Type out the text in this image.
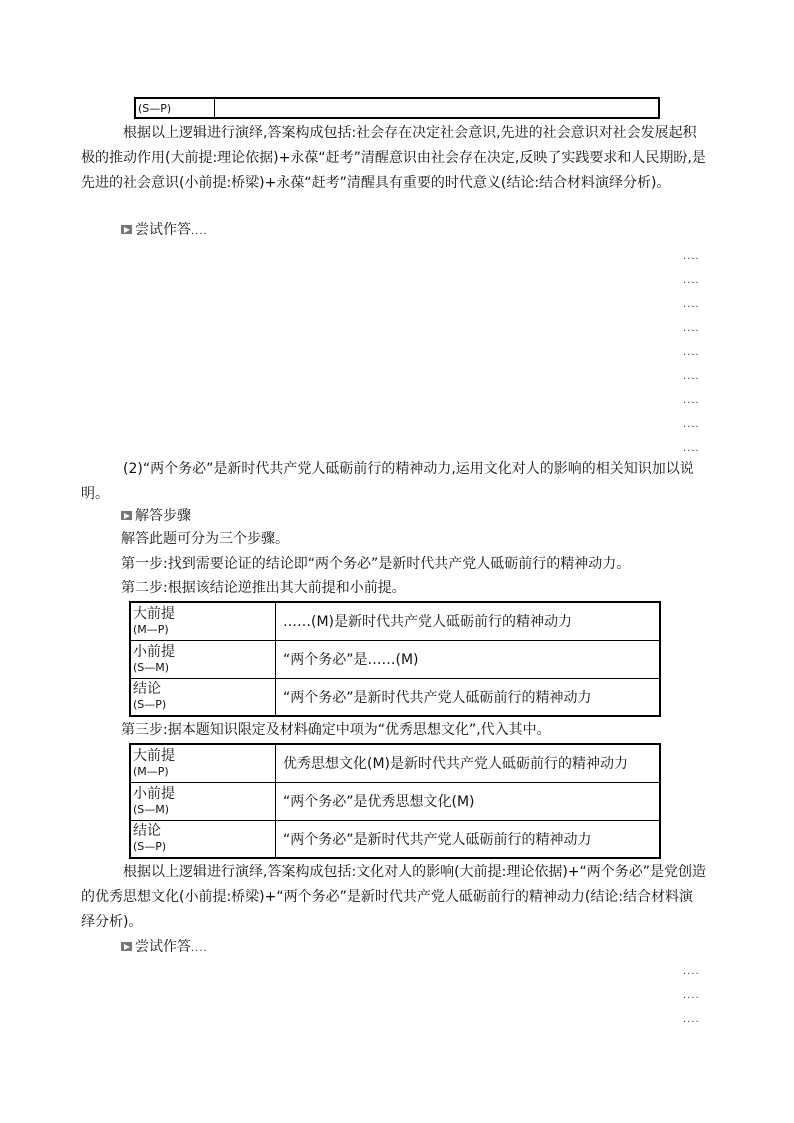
(S—P)	
根据以上逻辑进行演绎,答案构成包括:社会存在决定社会意识,先进的社会意识对社会发展起积极的推动作用(大前提:理论依据)+永葆“赶考”清醒意识由社会存在决定,反映了实践要求和人民期盼,是先进的社会意识(小前提:桥梁)+永葆“赶考”清醒具有重要的时代意义(结论:结合材料演绎分析)。
尝试作答....
....
....
....
....
....
....
....
....
....
(2)“两个务必”是新时代共产党人砥砺前行的精神动力,运用文化对人的影响的相关知识加以说明。
解答步骤
解答此题可分为三个步骤。
第一步:找到需要论证的结论即“两个务必”是新时代共产党人砥砺前行的精神动力。
第二步:根据该结论逆推出其大前提和小前提。
大前提
(M—P)	……(M)是新时代共产党人砥砺前行的精神动力
小前提
(S—M)	“两个务必”是……(M)
结论
(S—P)	“两个务必”是新时代共产党人砥砺前行的精神动力
第三步:据本题知识限定及材料确定中项为“优秀思想文化”,代入其中。
大前提
(M—P)	优秀思想文化(M)是新时代共产党人砥砺前行的精神动力
小前提
(S—M)	“两个务必”是优秀思想文化(M)
结论
(S—P)	“两个务必”是新时代共产党人砥砺前行的精神动力
根据以上逻辑进行演绎,答案构成包括:文化对人的影响(大前提:理论依据)+“两个务必”是党创造的优秀思想文化(小前提:桥梁)+“两个务必”是新时代共产党人砥砺前行的精神动力(结论:结合材料演绎分析)。
尝试作答....
....
....
....
